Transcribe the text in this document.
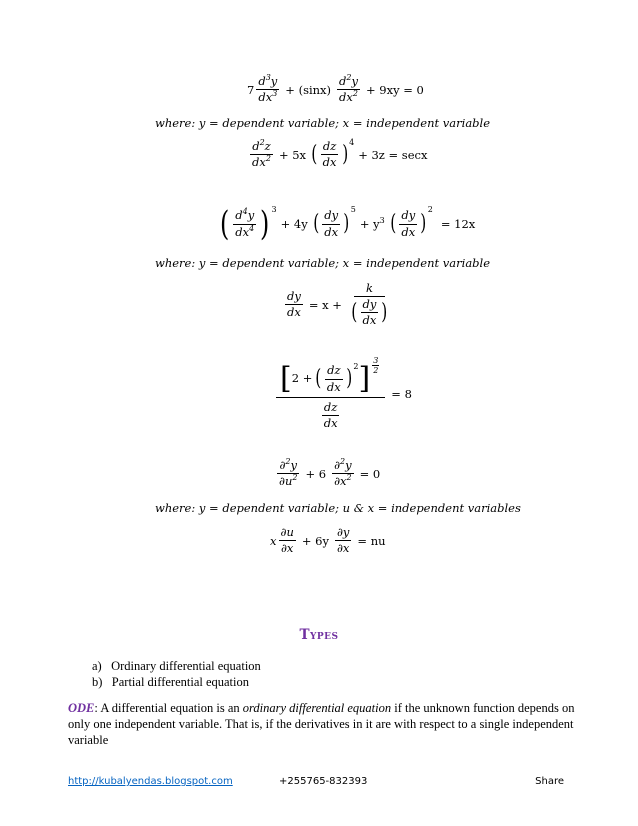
$7 \frac{d^3y}{dx^3} + (\sin x) \frac{d^2y}{dx^2} + 9xy = 0$
where: y = dependent variable; x = independent variable
$\frac{d^2z}{dx^2} + 5x$ ( $\frac{dz}{dx}$ ) 4
+ 3z = secx
( $\frac{d^4y}{dx^4}$ ) 3
+ 4y ( $\frac{dy}{dx}$ )
5
+ $y^3$ ( $\frac{dy}{dx}$ )
2
= 12x
where: y = dependent variable; x = independent variable
$\frac{dy}{dx} = x + \frac{k}{( \frac{dy}{dx} )}$
[ 2 + ( $\frac{dz}{dx}$ ) 2 ] $\frac{3}{2}$
$\frac{dz}{dx}$
= 8
$\frac{\partial^2y}{\partial u^2} + 6 \frac{\partial^2y}{\partial x^2} = 0$
where: y = dependent variable; u & x = independent variables
x $\frac{\partial u}{\partial x} + 6y \frac{\partial y}{\partial x}$ = nu
Types
a)   Ordinary differential equation
b)   Partial differential equation
ODE: A differential equation is an ordinary differential equation if the unknown function depends on only one independent variable. That is, if the derivatives in it are with respect to a single independent variable
http://kubalyendas.blogspot.com	+255765-832393	Share
